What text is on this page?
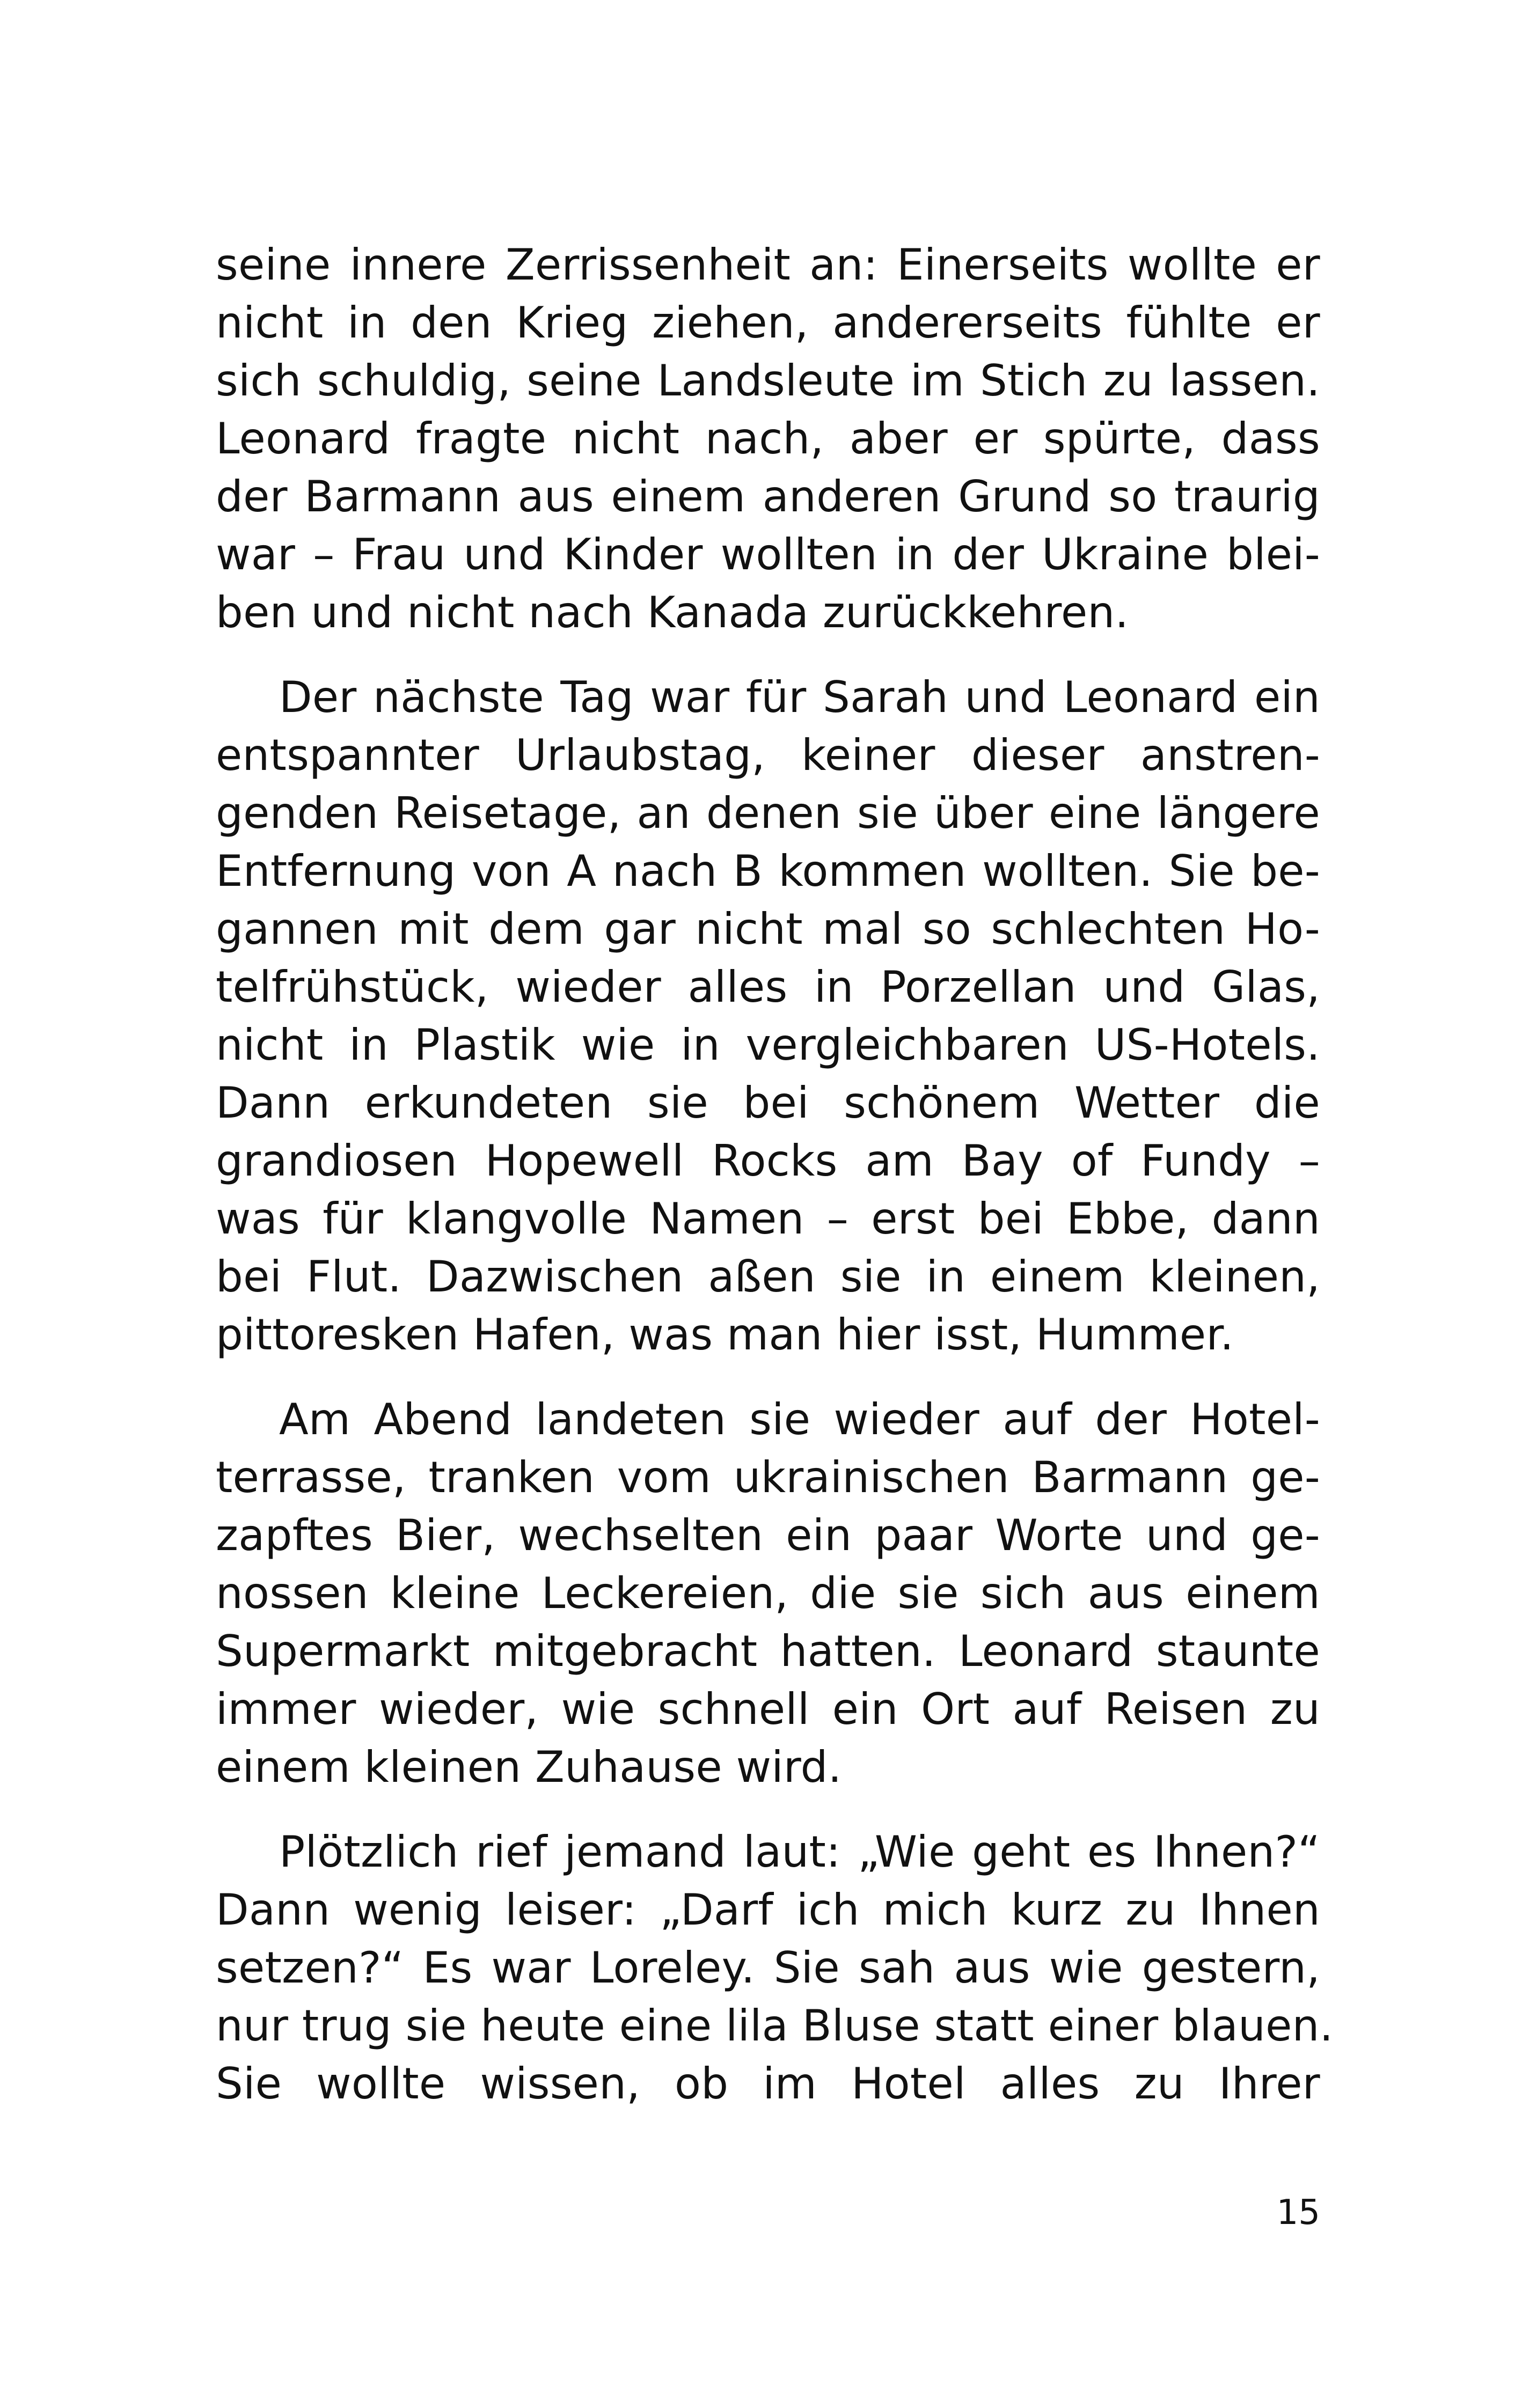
seine innere Zerrissenheit an: Einerseits wollte er
nicht in den Krieg ziehen, andererseits fühlte er
sich schuldig, seine Landsleute im Stich zu lassen.
Leonard fragte nicht nach, aber er spürte, dass
der Barmann aus einem anderen Grund so traurig
war – Frau und Kinder wollten in der Ukraine blei-
ben und nicht nach Kanada zurückkehren.
Der nächste Tag war für Sarah und Leonard ein
entspannter Urlaubstag, keiner dieser anstren-
genden Reisetage, an denen sie über eine längere
Entfernung von A nach B kommen wollten. Sie be-
gannen mit dem gar nicht mal so schlechten Ho-
telfrühstück, wieder alles in Porzellan und Glas,
nicht in Plastik wie in vergleichbaren US-Hotels.
Dann erkundeten sie bei schönem Wetter die
grandiosen Hopewell Rocks am Bay of Fundy –
was für klangvolle Namen – erst bei Ebbe, dann
bei Flut. Dazwischen aßen sie in einem kleinen,
pittoresken Hafen, was man hier isst, Hummer.
Am Abend landeten sie wieder auf der Hotel-
terrasse, tranken vom ukrainischen Barmann ge-
zapftes Bier, wechselten ein paar Worte und ge-
nossen kleine Leckereien, die sie sich aus einem
Supermarkt mitgebracht hatten. Leonard staunte
immer wieder, wie schnell ein Ort auf Reisen zu
einem kleinen Zuhause wird.
Plötzlich rief jemand laut: „Wie geht es Ihnen?“
Dann wenig leiser: „Darf ich mich kurz zu Ihnen
setzen?“ Es war Loreley. Sie sah aus wie gestern,
nur trug sie heute eine lila Bluse statt einer blauen.
Sie wollte wissen, ob im Hotel alles zu Ihrer
15
